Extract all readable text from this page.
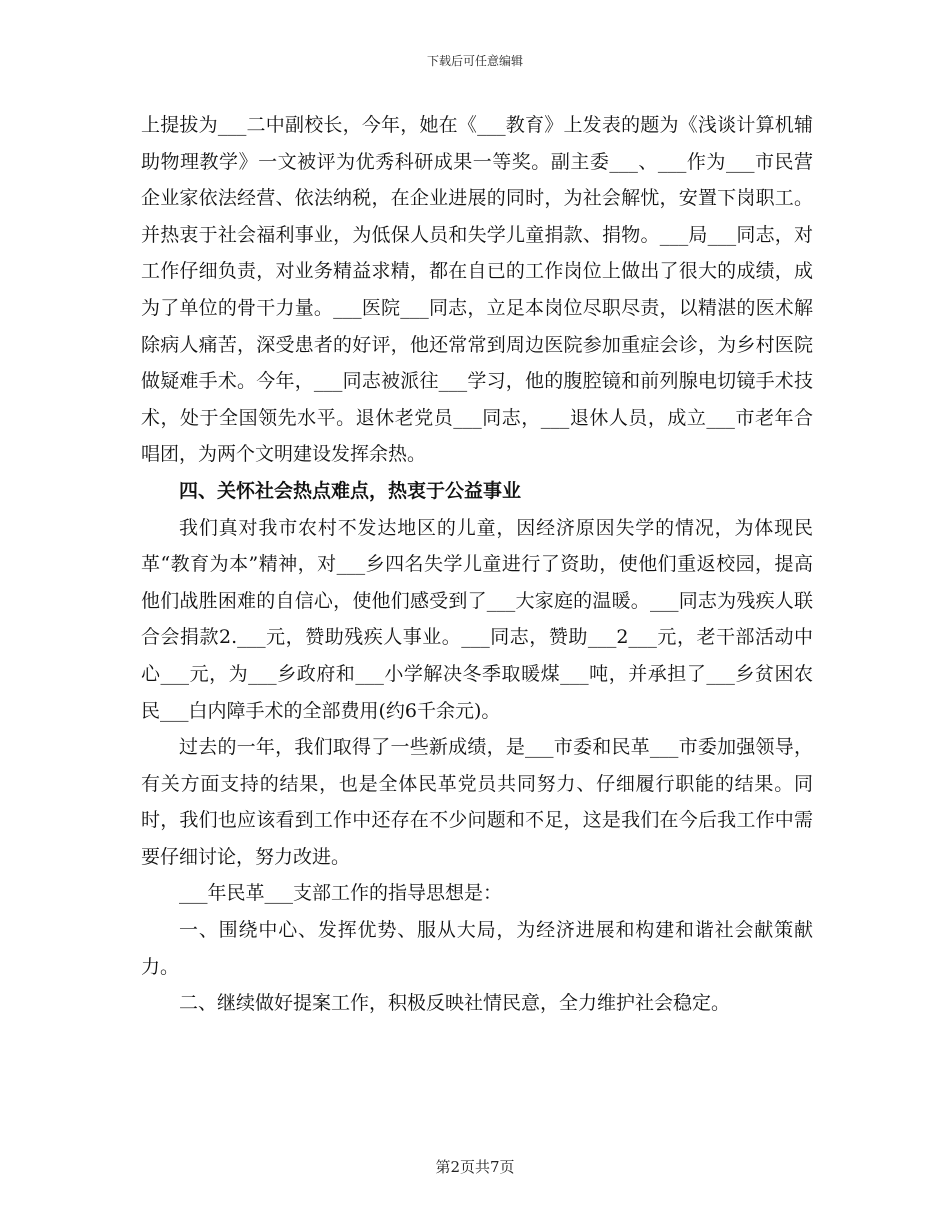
下载后可任意编辑

上提拔为___二中副校长，今年，她在《___教育》上发表的题为《浅谈计算机辅助物理教学》一文被评为优秀科研成果一等奖。副主委___、___作为___市民营企业家依法经营、依法纳税，在企业进展的同时，为社会解忧，安置下岗职工。并热衷于社会福利事业，为低保人员和失学儿童捐款、捐物。___局___同志，对工作仔细负责，对业务精益求精，都在自已的工作岗位上做出了很大的成绩，成为了单位的骨干力量。___医院___同志，立足本岗位尽职尽责，以精湛的医术解除病人痛苦，深受患者的好评，他还常常到周边医院参加重症会诊，为乡村医院做疑难手术。今年，___同志被派往___学习，他的腹腔镜和前列腺电切镜手术技术，处于全国领先水平。退休老党员___同志，___退休人员，成立___市老年合唱团，为两个文明建设发挥余热。

四、关怀社会热点难点，热衷于公益事业

我们真对我市农村不发达地区的儿童，因经济原因失学的情况，为体现民革“教育为本”精神，对___乡四名失学儿童进行了资助，使他们重返校园，提高他们战胜困难的自信心，使他们感受到了___大家庭的温暖。___同志为残疾人联合会捐款2.___元，赞助残疾人事业。___同志，赞助___2___元，老干部活动中心___元，为___乡政府和___小学解决冬季取暖煤___吨，并承担了___乡贫困农民___白内障手术的全部费用(约6千余元)。

过去的一年，我们取得了一些新成绩，是___市委和民革___市委加强领导，有关方面支持的结果，也是全体民革党员共同努力、仔细履行职能的结果。同时，我们也应该看到工作中还存在不少问题和不足，这是我们在今后我工作中需要仔细讨论，努力改进。

___年民革___支部工作的指导思想是：

一、围绕中心、发挥优势、服从大局，为经济进展和构建和谐社会献策献力。

二、继续做好提案工作，积极反映社情民意，全力维护社会稳定。

第2页共7页
